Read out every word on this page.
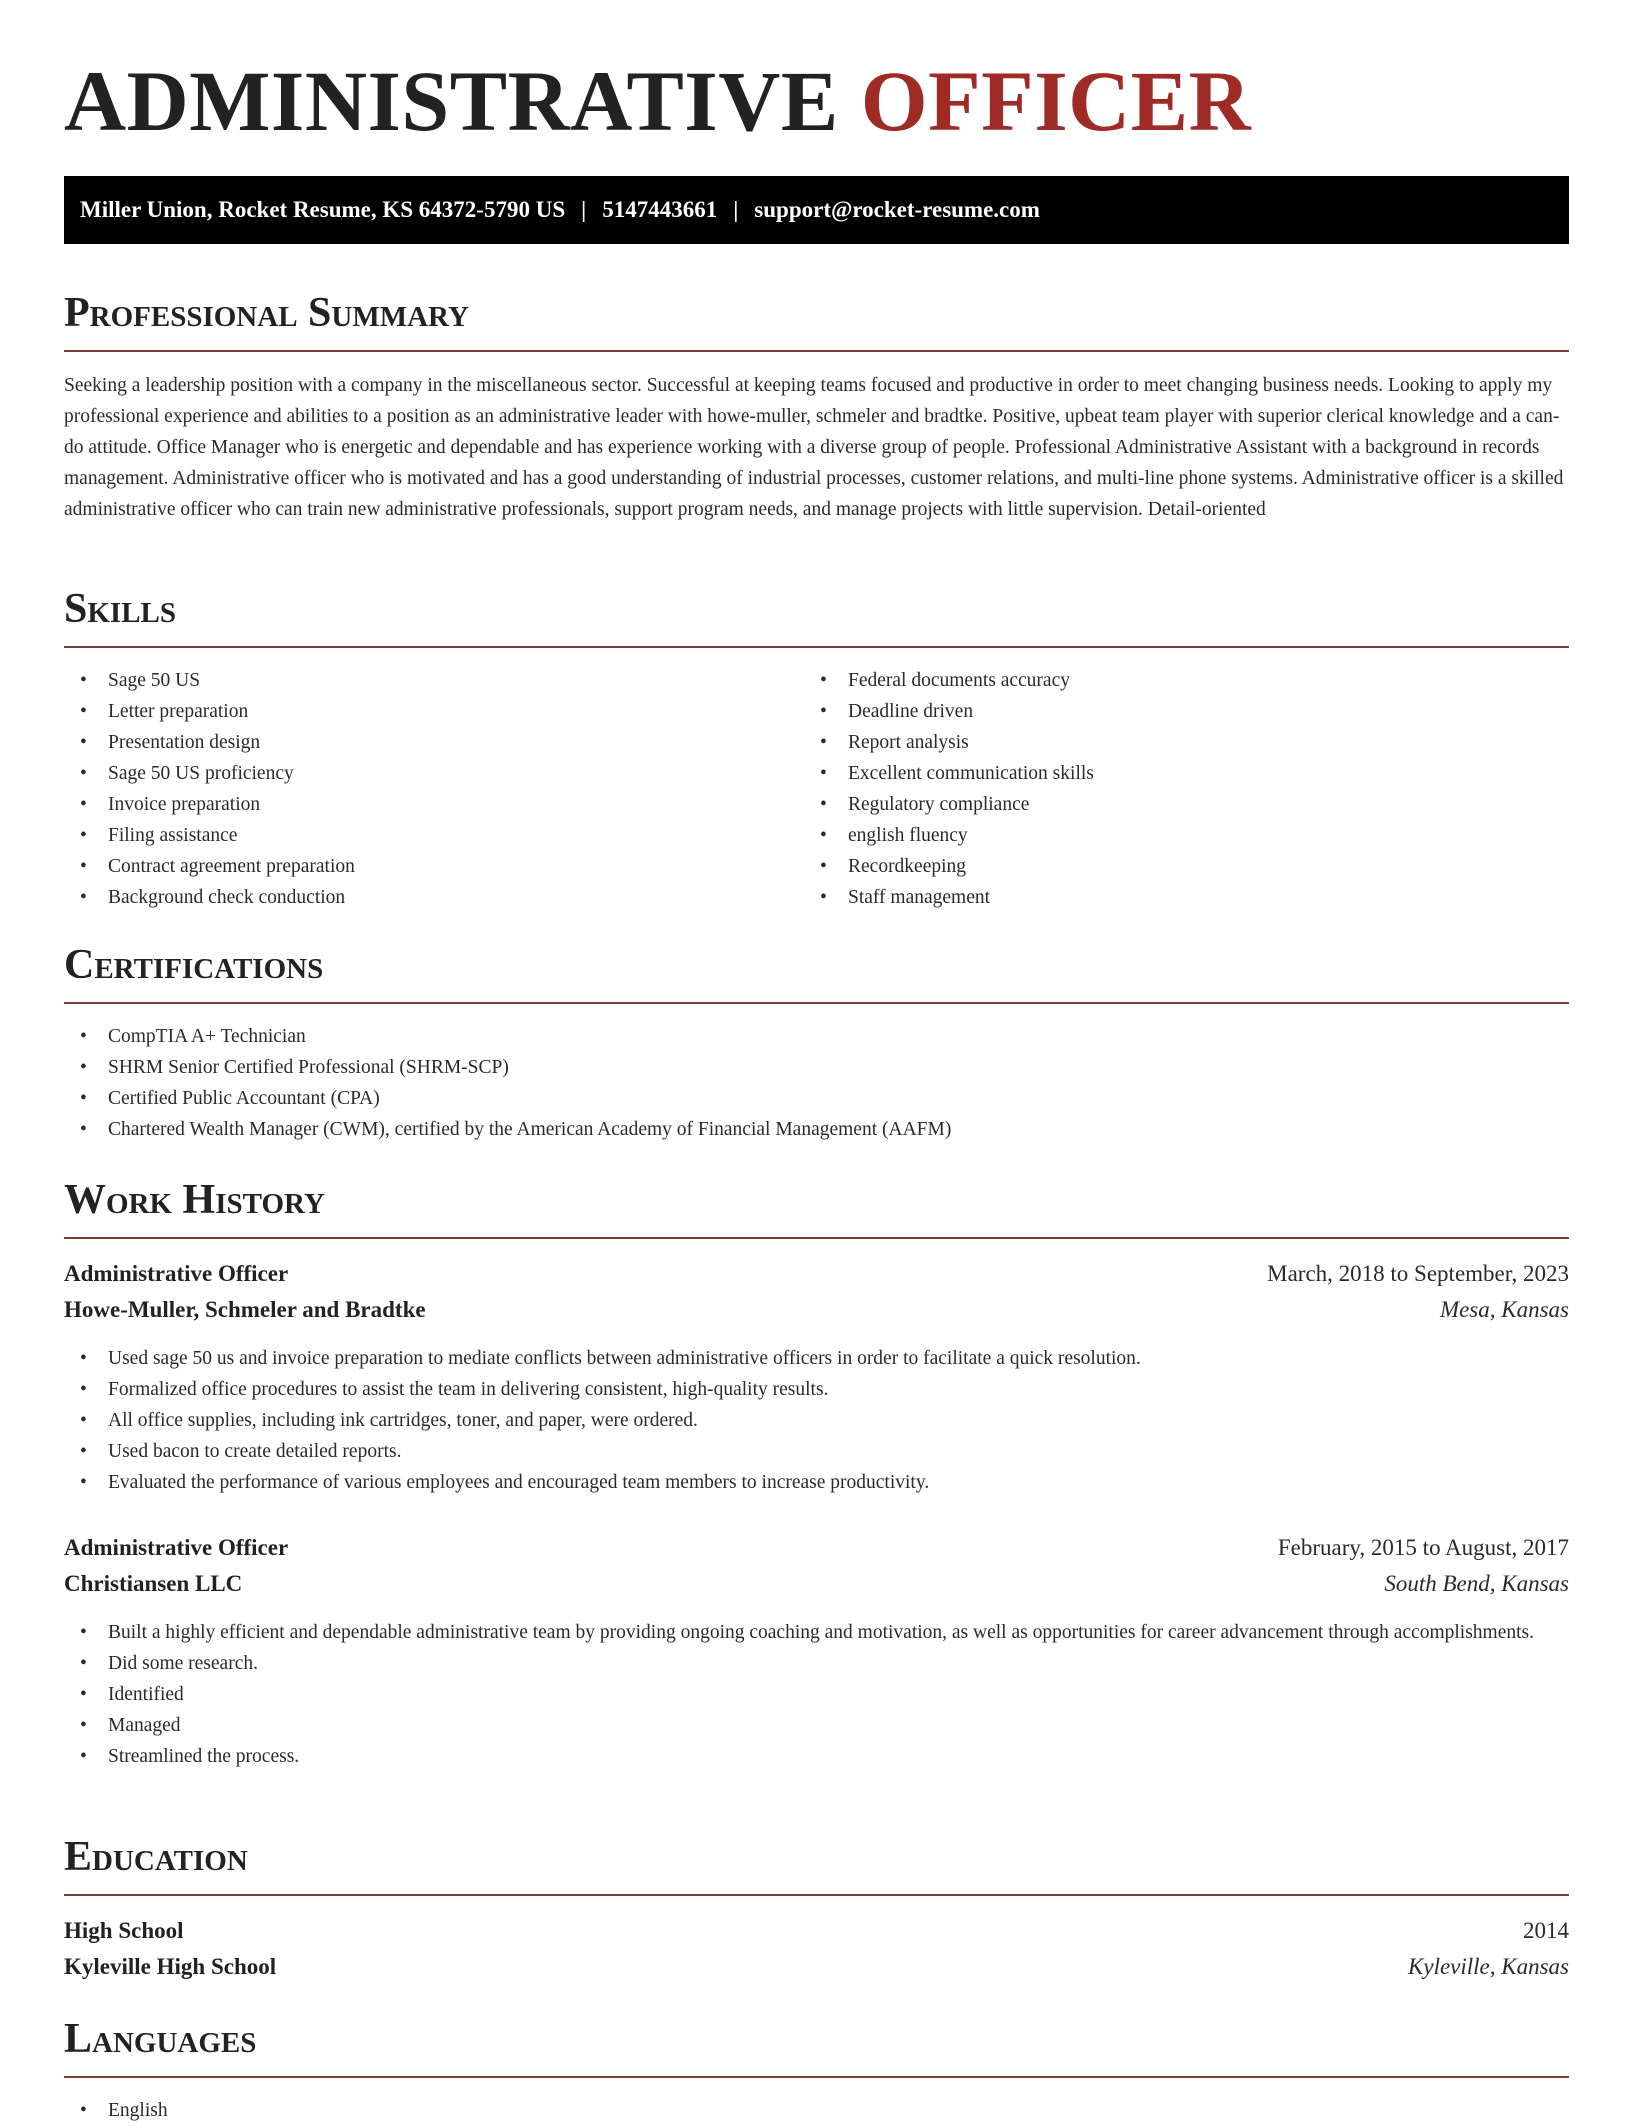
ADMINISTRATIVE OFFICER
Miller Union, Rocket Resume, KS 64372-5790 US | 5147443661 | support@rocket-resume.com
Professional Summary

Seeking a leadership position with a company in the miscellaneous sector. Successful at keeping teams focused and productive in order to meet changing business needs. Looking to apply my professional experience and abilities to a position as an administrative leader with howe-muller, schmeler and bradtke. Positive, upbeat team player with superior clerical knowledge and a can-do attitude. Office Manager who is energetic and dependable and has experience working with a diverse group of people. Professional Administrative Assistant with a background in records management. Administrative officer who is motivated and has a good understanding of industrial processes, customer relations, and multi-line phone systems. Administrative officer is a skilled administrative officer who can train new administrative professionals, support program needs, and manage projects with little supervision. Detail-oriented

Skills
• Sage 50 US
• Letter preparation
• Presentation design
• Sage 50 US proficiency
• Invoice preparation
• Filing assistance
• Contract agreement preparation
• Background check conduction
• Federal documents accuracy
• Deadline driven
• Report analysis
• Excellent communication skills
• Regulatory compliance
• english fluency
• Recordkeeping
• Staff management
Certifications
• CompTIA A+ Technician
• SHRM Senior Certified Professional (SHRM-SCP)
• Certified Public Accountant (CPA)
• Chartered Wealth Manager (CWM), certified by the American Academy of Financial Management (AAFM)
Work History
Administrative Officer	March, 2018 to September, 2023
Howe-Muller, Schmeler and Bradtke	Mesa, Kansas
• Used sage 50 us and invoice preparation to mediate conflicts between administrative officers in order to facilitate a quick resolution.
• Formalized office procedures to assist the team in delivering consistent, high-quality results.
• All office supplies, including ink cartridges, toner, and paper, were ordered.
• Used bacon to create detailed reports.
• Evaluated the performance of various employees and encouraged team members to increase productivity.
Administrative Officer	February, 2015 to August, 2017
Christiansen LLC	South Bend, Kansas
• Built a highly efficient and dependable administrative team by providing ongoing coaching and motivation, as well as opportunities for career advancement through accomplishments.
• Did some research.
• Identified
• Managed
• Streamlined the process.
Education
High School	2014
Kyleville High School	Kyleville, Kansas
Languages
• English
